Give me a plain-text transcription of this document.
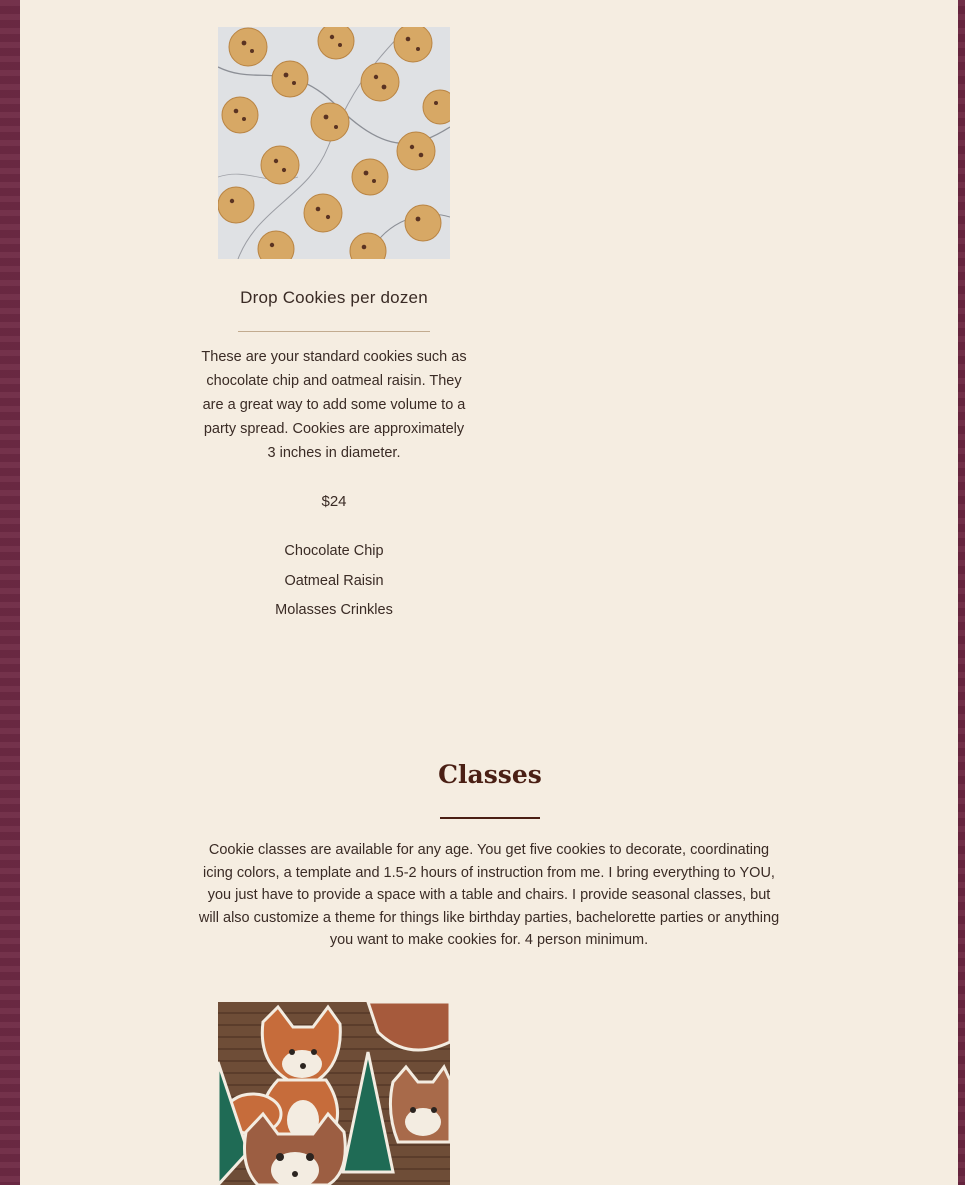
Drop Cookies per dozen
These are your standard cookies such as chocolate chip and oatmeal raisin. They are a great way to add some volume to a party spread. Cookies are approximately 3 inches in diameter.
$24
Chocolate Chip
Oatmeal Raisin
Molasses Crinkles
Classes
Cookie classes are available for any age. You get five cookies to decorate, coordinating icing colors, a template and 1.5-2 hours of instruction from me. I bring everything to YOU, you just have to provide a space with a table and chairs. I provide seasonal classes, but will also customize a theme for things like birthday parties, bachelorette parties or anything you want to make cookies for. 4 person minimum.
